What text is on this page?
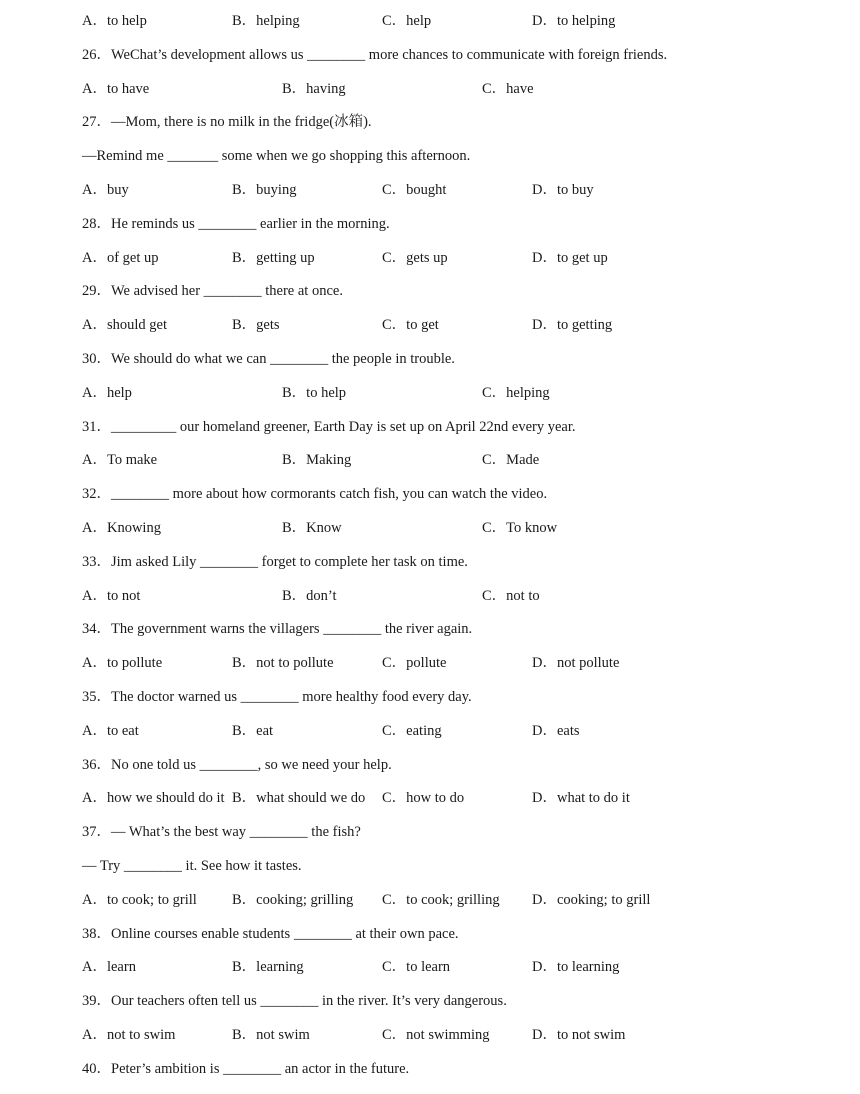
A．to help	B．helping	C．help	D．to helping
26．WeChat’s development allows us ________ more chances to communicate with foreign friends.
A．to have	B．having	C．have
27．—Mom, there is no milk in the fridge(冰箱).
—Remind me _______ some when we go shopping this afternoon.
A．buy	B．buying	C．bought	D．to buy
28．He reminds us ________ earlier in the morning.
A．of get up	B．getting up	C．gets up	D．to get up
29．We advised her ________ there at once.
A．should get	B．gets	C．to get	D．to getting
30．We should do what we can ________ the people in trouble.
A．help	B．to help	C．helping
31．_________ our homeland greener, Earth Day is set up on April 22nd every year.
A．To make	B．Making	C．Made
32．________ more about how cormorants catch fish, you can watch the video.
A．Knowing	B．Know	C．To know
33．Jim asked Lily ________ forget to complete her task on time.
A．to not	B．don’t	C．not to
34．The government warns the villagers ________ the river again.
A．to pollute	B．not to pollute	C．pollute	D．not pollute
35．The doctor warned us ________ more healthy food every day.
A．to eat	B．eat	C．eating	D．eats
36．No one told us ________, so we need your help.
A．how we should do it B．what should we do C．how to do	D．what to do it
37．— What’s the best way ________ the fish?
— Try ________ it. See how it tastes.
A．to cook; to grill B．cooking; grilling C．to cook; grilling D．cooking; to grill
38．Online courses enable students ________ at their own pace.
A．learn	B．learning	C．to learn	D．to learning
39．Our teachers often tell us ________ in the river. It’s very dangerous.
A．not to swim	B．not swim	C．not swimming	D．to not swim
40．Peter’s ambition is ________ an actor in the future.
